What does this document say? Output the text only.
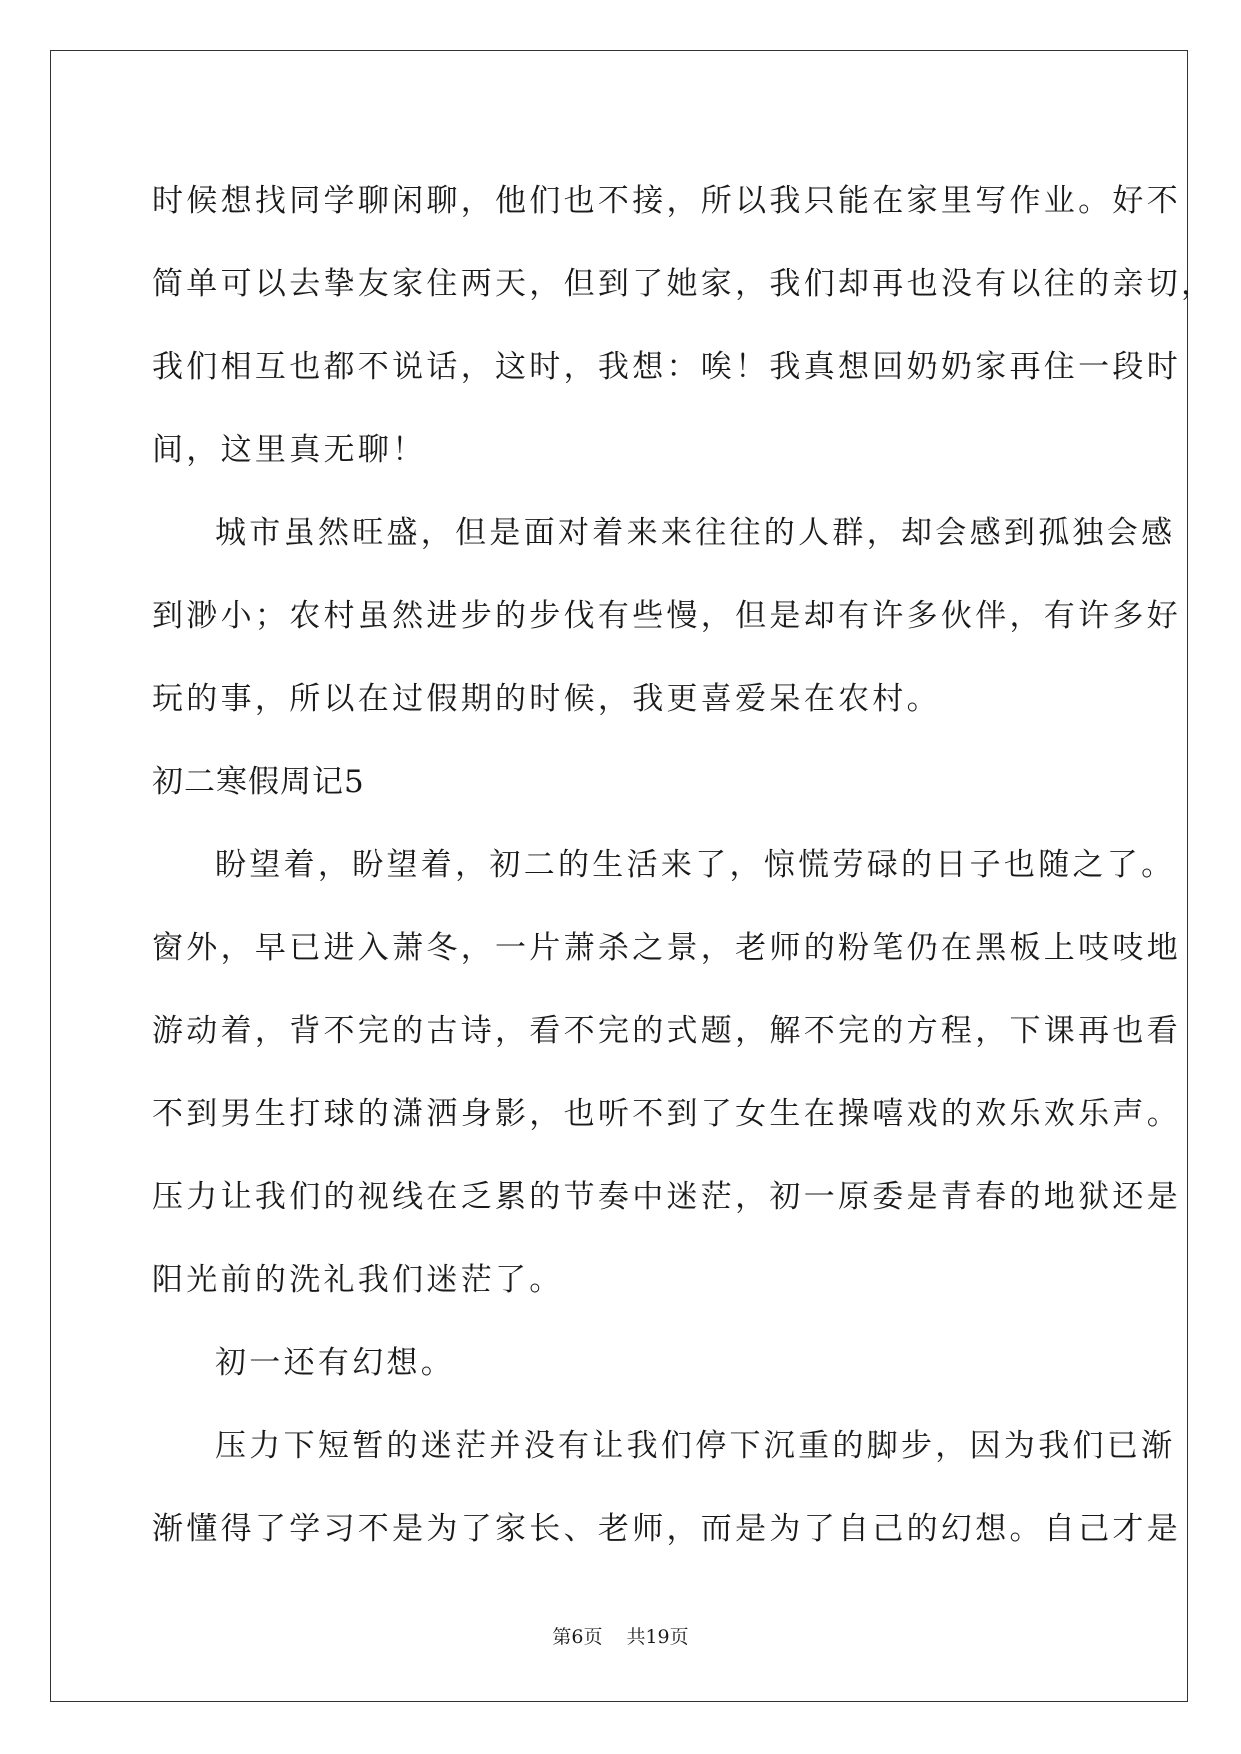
时候想找同学聊闲聊，他们也不接，所以我只能在家里写作业。好不
简单可以去挚友家住两天，但到了她家，我们却再也没有以往的亲切，
我们相互也都不说话，这时，我想：唉！我真想回奶奶家再住一段时
间，这里真无聊！
城市虽然旺盛，但是面对着来来往往的人群，却会感到孤独会感
到渺小；农村虽然进步的步伐有些慢，但是却有许多伙伴，有许多好
玩的事，所以在过假期的时候，我更喜爱呆在农村。
初二寒假周记5
盼望着，盼望着，初二的生活来了，惊慌劳碌的日子也随之了。
窗外，早已进入萧冬，一片萧杀之景，老师的粉笔仍在黑板上吱吱地
游动着，背不完的古诗，看不完的式题，解不完的方程，下课再也看
不到男生打球的潇洒身影，也听不到了女生在操嘻戏的欢乐欢乐声。
压力让我们的视线在乏累的节奏中迷茫，初一原委是青春的地狱还是
阳光前的洗礼我们迷茫了。
初一还有幻想。
压力下短暂的迷茫并没有让我们停下沉重的脚步，因为我们已渐
渐懂得了学习不是为了家长、老师，而是为了自己的幻想。自己才是
第6页 共19页
